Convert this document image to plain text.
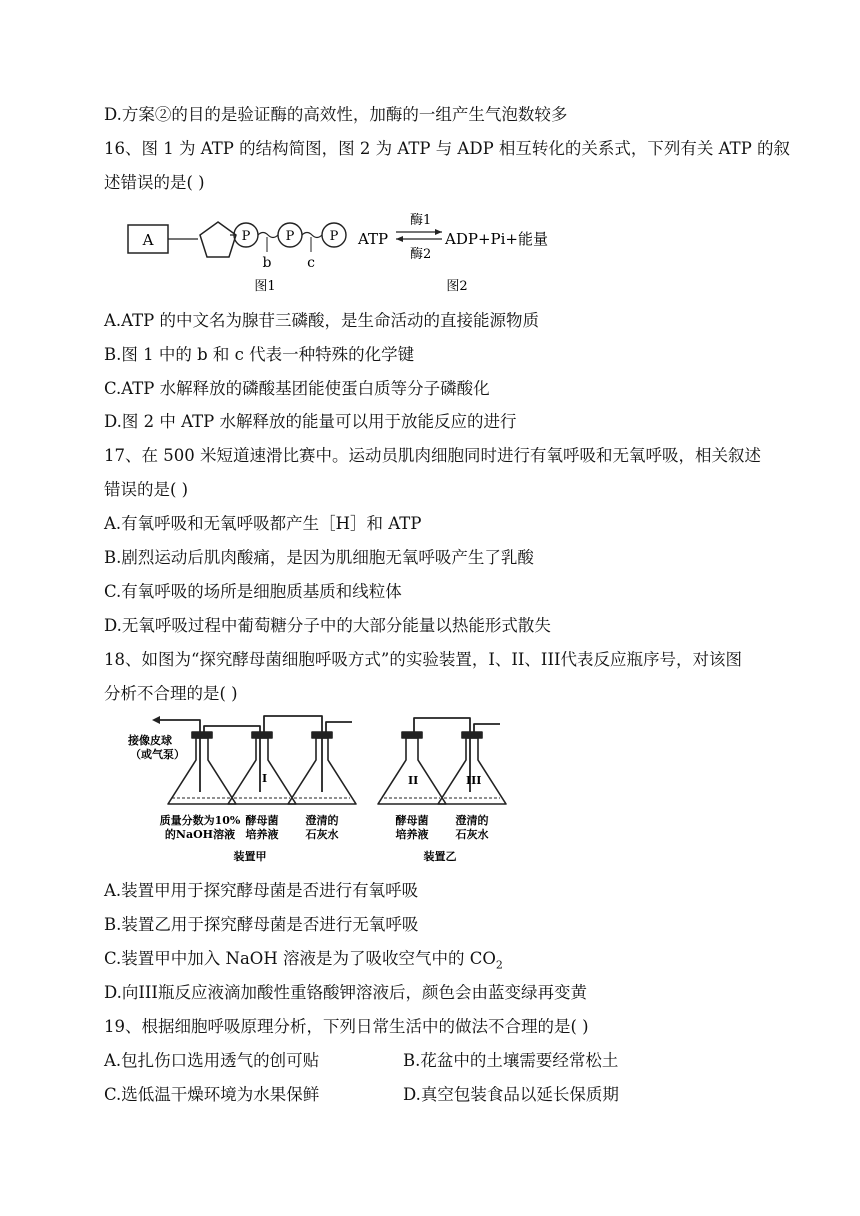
D.方案②的目的是验证酶的高效性，加酶的一组产生气泡数较多
16、图 1 为 ATP 的结构简图，图 2 为 ATP 与 ADP 相互转化的关系式，下列有关 ATP 的叙
述错误的是( )
A	P	P	P
b	c
图1
ATP
酶1
酶2
ADP+Pi+能量
图2
A.ATP 的中文名为腺苷三磷酸，是生命活动的直接能源物质
B.图 1 中的 b 和 c 代表一种特殊的化学键
C.ATP 水解释放的磷酸基团能使蛋白质等分子磷酸化
D.图 2 中 ATP 水解释放的能量可以用于放能反应的进行
17、在 500 米短道速滑比赛中。运动员肌肉细胞同时进行有氧呼吸和无氧呼吸，相关叙述
错误的是( )
A.有氧呼吸和无氧呼吸都产生［H］和 ATP
B.剧烈运动后肌肉酸痛，是因为肌细胞无氧呼吸产生了乳酸
C.有氧呼吸的场所是细胞质基质和线粒体
D.无氧呼吸过程中葡萄糖分子中的大部分能量以热能形式散失
18、如图为“探究酵母菌细胞呼吸方式”的实验装置，I、II、III代表反应瓶序号，对该图
分析不合理的是( )
接像皮球
（或气泵）
I	II	III
质量分数为10%
的NaOH溶液
酵母菌
培养液
澄清的
石灰水
酵母菌
培养液
澄清的
石灰水
装置甲	装置乙
A.装置甲用于探究酵母菌是否进行有氧呼吸
B.装置乙用于探究酵母菌是否进行无氧呼吸
C.装置甲中加入 NaOH 溶液是为了吸收空气中的 $CO_2$
D.向III瓶反应液滴加酸性重铬酸钾溶液后，颜色会由蓝变绿再变黄
19、根据细胞呼吸原理分析，下列日常生活中的做法不合理的是( )
A.包扎伤口选用透气的创可贴	B.花盆中的土壤需要经常松土
C.选低温干燥环境为水果保鲜	D.真空包装食品以延长保质期
